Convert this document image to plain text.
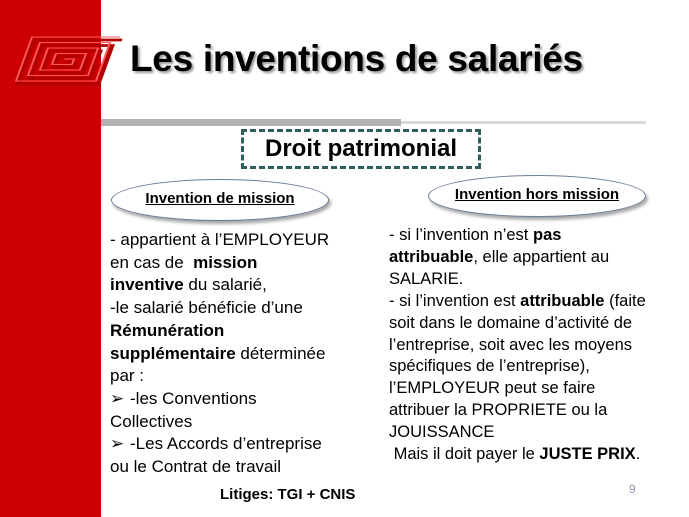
Les inventions de salariés
Droit patrimonial
Invention de mission	Invention hors mission
- appartient à l’EMPLOYEUR
en cas de  mission
inventive du salarié,
-le salarié bénéficie d’une
Rémunération
supplémentaire déterminée
par :
➢ -les Conventions
Collectives
➢ -Les Accords d’entreprise
ou le Contrat de travail
- si l’invention n’est pas
attribuable, elle appartient au
SALARIE.
- si l’invention est attribuable (faite
soit dans le domaine d’activité de
l’entreprise, soit avec les moyens
spécifiques de l’entreprise),
l’EMPLOYEUR peut se faire
attribuer la PROPRIETE ou la
JOUISSANCE
Mais il doit payer le JUSTE PRIX.
Litiges: TGI + CNIS	9
